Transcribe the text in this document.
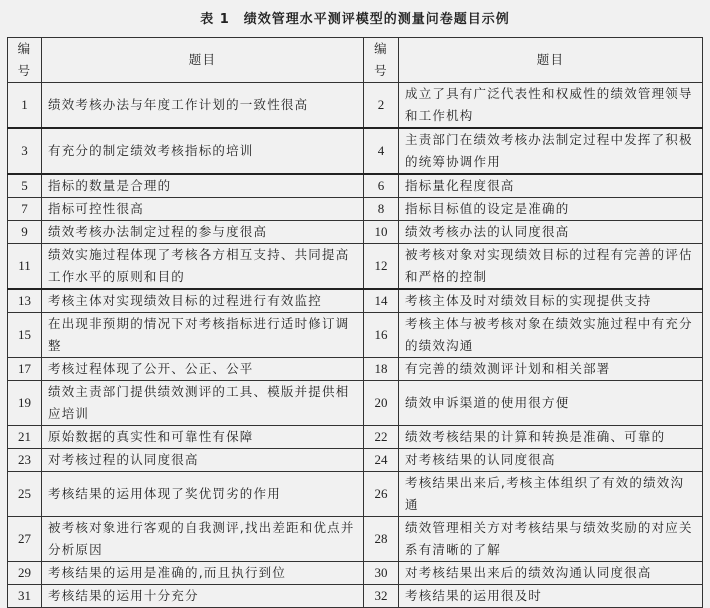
表 1　绩效管理水平测评模型的测量问卷题目示例
编号	题目	编号	题目
1	绩效考核办法与年度工作计划的一致性很高	2	成立了具有广泛代表性和权威性的绩效管理领导和工作机构
3	有充分的制定绩效考核指标的培训	4	主责部门在绩效考核办法制定过程中发挥了积极的统筹协调作用
5	指标的数量是合理的	6	指标量化程度很高
7	指标可控性很高	8	指标目标值的设定是准确的
9	绩效考核办法制定过程的参与度很高	10	绩效考核办法的认同度很高
11	绩效实施过程体现了考核各方相互支持、共同提高工作水平的原则和目的	12	被考核对象对实现绩效目标的过程有完善的评估和严格的控制
13	考核主体对实现绩效目标的过程进行有效监控	14	考核主体及时对绩效目标的实现提供支持
15	在出现非预期的情况下对考核指标进行适时修订调整	16	考核主体与被考核对象在绩效实施过程中有充分的绩效沟通
17	考核过程体现了公开、公正、公平	18	有完善的绩效测评计划和相关部署
19	绩效主责部门提供绩效测评的工具、模版并提供相应培训	20	绩效申诉渠道的使用很方便
21	原始数据的真实性和可靠性有保障	22	绩效考核结果的计算和转换是准确、可靠的
23	对考核过程的认同度很高	24	对考核结果的认同度很高
25	考核结果的运用体现了奖优罚劣的作用	26	考核结果出来后,考核主体组织了有效的绩效沟通
27	被考核对象进行客观的自我测评,找出差距和优点并分析原因	28	绩效管理相关方对考核结果与绩效奖励的对应关系有清晰的了解
29	考核结果的运用是准确的,而且执行到位	30	对考核结果出来后的绩效沟通认同度很高
31	考核结果的运用十分充分	32	考核结果的运用很及时
